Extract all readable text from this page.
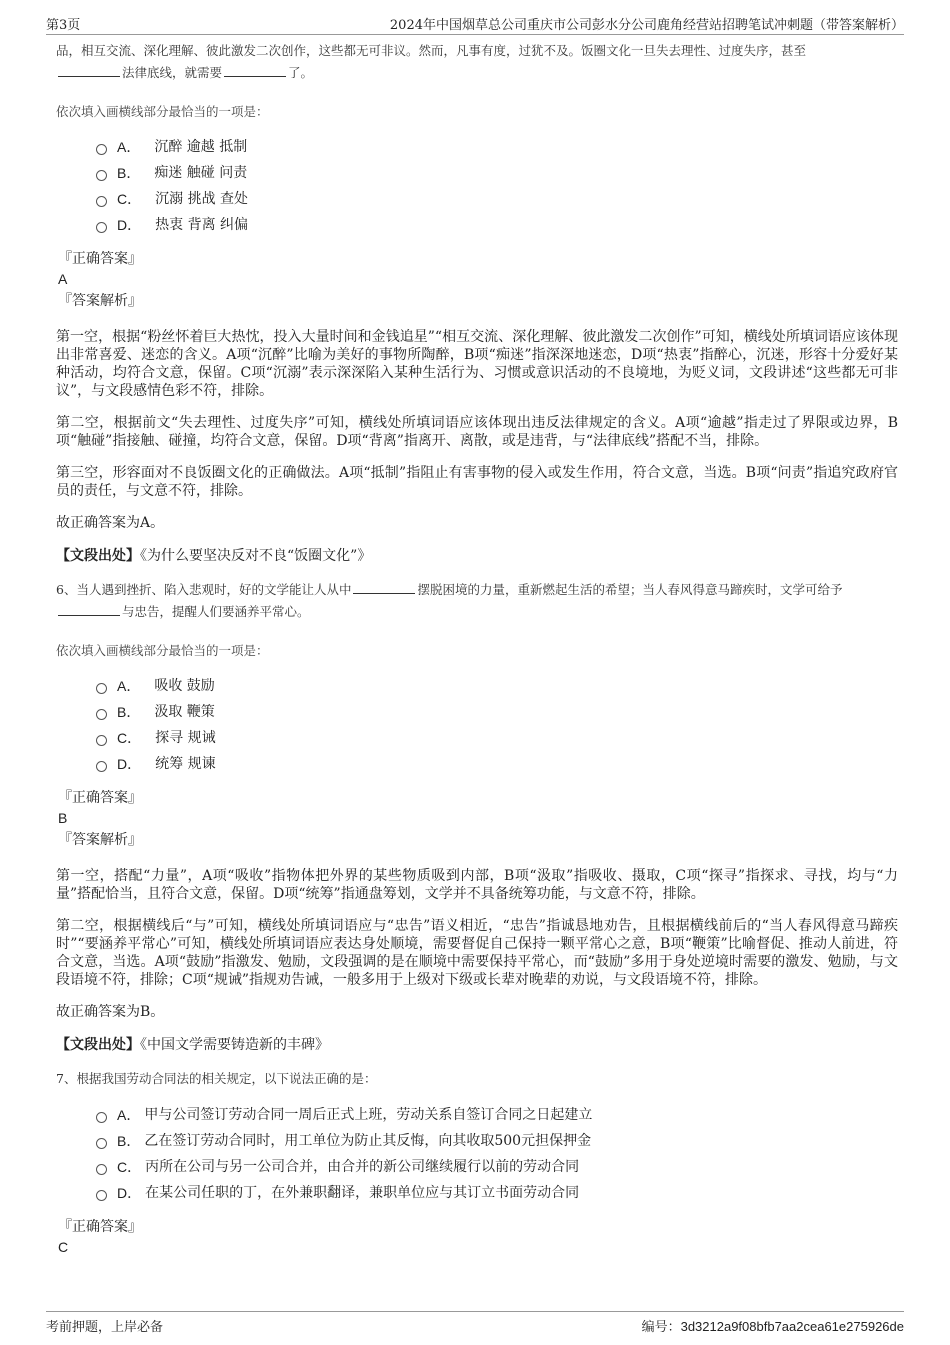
第3页	2024年中国烟草总公司重庆市公司彭水分公司鹿角经营站招聘笔试冲刺题（带答案解析）
品，相互交流、深化理解、彼此激发二次创作，这些都无可非议。然而，凡事有度，过犹不及。饭圈文化一旦失去理性、过度失序，甚至
法律底线，就需要	了。
依次填入画横线部分最恰当的一项是：
A． 沉醉 逾越 抵制
B． 痴迷 触碰 问责
C． 沉溺 挑战 查处
D． 热衷 背离 纠偏
『正确答案』
A
『答案解析』
第一空，根据“粉丝怀着巨大热忱，投入大量时间和金钱追星”“相互交流、深化理解、彼此激发二次创作”可知，横线处所填词语应该体现出非常喜爱、迷恋的含义。A项“沉醉”比喻为美好的事物所陶醉，B项“痴迷”指深深地迷恋，D项“热衷”指醉心，沉迷，形容十分爱好某种活动，均符合文意，保留。C项“沉溺”表示深深陷入某种生活行为、习惯或意识活动的不良境地，为贬义词，文段讲述“这些都无可非议”，与文段感情色彩不符，排除。
第二空，根据前文“失去理性、过度失序”可知，横线处所填词语应该体现出违反法律规定的含义。A项“逾越”指走过了界限或边界，B项“触碰”指接触、碰撞，均符合文意，保留。D项“背离”指离开、离散，或是违背，与“法律底线”搭配不当，排除。
第三空，形容面对不良饭圈文化的正确做法。A项“抵制”指阻止有害事物的侵入或发生作用，符合文意，当选。B项“问责”指追究政府官员的责任，与文意不符，排除。
故正确答案为A。
【文段出处】《为什么要坚决反对不良“饭圈文化”》
6、当人遇到挫折、陷入悲观时，好的文学能让人从中	摆脱困境的力量，重新燃起生活的希望；当人春风得意马蹄疾时，文学可给予
与忠告，提醒人们要涵养平常心。
依次填入画横线部分最恰当的一项是：
A． 吸收 鼓励
B． 汲取 鞭策
C． 探寻 规诫
D． 统筹 规谏
『正确答案』
B
『答案解析』
第一空，搭配“力量”，A项“吸收”指物体把外界的某些物质吸到内部，B项“汲取”指吸收、摄取，C项“探寻”指探求、寻找，均与“力量”搭配恰当，且符合文意，保留。D项“统筹”指通盘筹划，文学并不具备统筹功能，与文意不符，排除。
第二空，根据横线后“与”可知，横线处所填词语应与“忠告”语义相近，“忠告”指诚恳地劝告，且根据横线前后的“当人春风得意马蹄疾时”“要涵养平常心”可知，横线处所填词语应表达身处顺境，需要督促自己保持一颗平常心之意，B项“鞭策”比喻督促、推动人前进，符合文意，当选。A项“鼓励”指激发、勉励，文段强调的是在顺境中需要保持平常心，而“鼓励”多用于身处逆境时需要的激发、勉励，与文段语境不符，排除；C项“规诫”指规劝告诫，一般多用于上级对下级或长辈对晚辈的劝说，与文段语境不符，排除。
故正确答案为B。
【文段出处】《中国文学需要铸造新的丰碑》
7、根据我国劳动合同法的相关规定，以下说法正确的是：
A． 甲与公司签订劳动合同一周后正式上班，劳动关系自签订合同之日起建立
B． 乙在签订劳动合同时，用工单位为防止其反悔，向其收取500元担保押金
C． 丙所在公司与另一公司合并，由合并的新公司继续履行以前的劳动合同
D． 在某公司任职的丁，在外兼职翻译，兼职单位应与其订立书面劳动合同
『正确答案』
C
考前押题，上岸必备	编号：3d3212a9f08bfb7aa2cea61e275926de
